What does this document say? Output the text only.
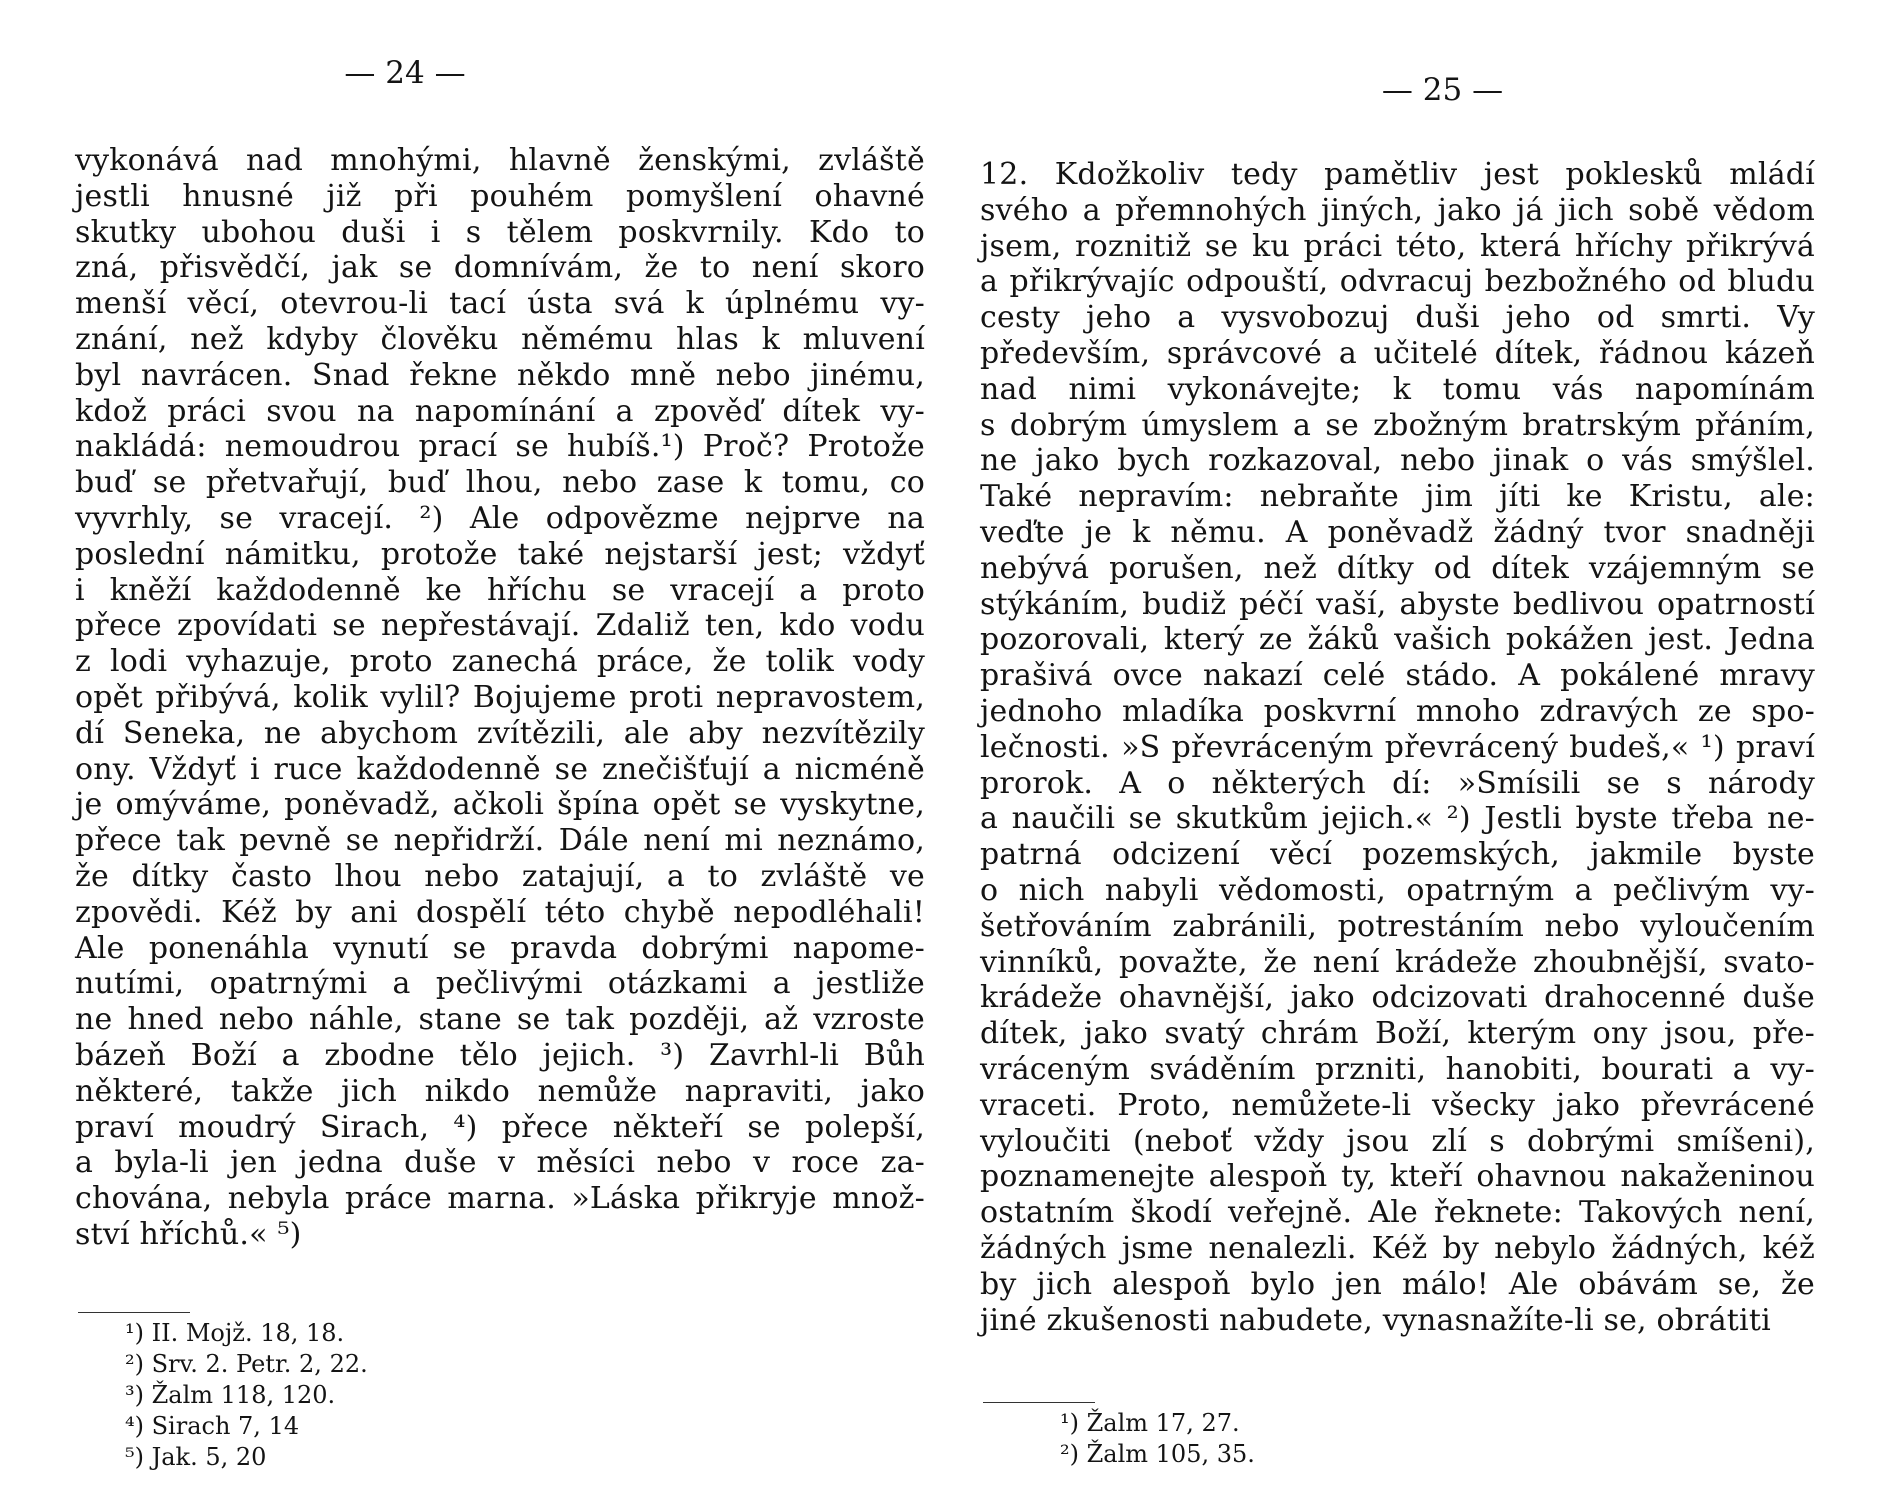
— 24 —
vykonává nad mnohými, hlavně ženskými, zvláště
jestli hnusné již při pouhém pomyšlení ohavné
skutky ubohou duši i s tělem poskvrnily. Kdo to
zná, přisvědčí, jak se domnívám, že to není skoro
menší věcí, otevrou-li tací ústa svá k úplnému vy-
znání, než kdyby člověku němému hlas k mluvení
byl navrácen. Snad řekne někdo mně nebo jinému,
kdož práci svou na napomínání a zpověď dítek vy-
nakládá: nemoudrou prací se hubíš.¹) Proč? Protože
buď se přetvařují, buď lhou, nebo zase k tomu, co
vyvrhly, se vracejí. ²) Ale odpovězme nejprve na
poslední námitku, protože také nejstarší jest; vždyť
i kněží každodenně ke hříchu se vracejí a proto
přece zpovídati se nepřestávají. Zdaliž ten, kdo vodu
z lodi vyhazuje, proto zanechá práce, že tolik vody
opět přibývá, kolik vylil? Bojujeme proti nepravostem,
dí Seneka, ne abychom zvítězili, ale aby nezvítězily
ony. Vždyť i ruce každodenně se znečišťují a nicméně
je omýváme, poněvadž, ačkoli špína opět se vyskytne,
přece tak pevně se nepřidrží. Dále není mi neznámo,
že dítky často lhou nebo zatajují, a to zvláště ve
zpovědi. Kéž by ani dospělí této chybě nepodléhali!
Ale ponenáhla vynutí se pravda dobrými napome-
nutími, opatrnými a pečlivými otázkami a jestliže
ne hned nebo náhle, stane se tak později, až vzroste
bázeň Boží a zbodne tělo jejich. ³) Zavrhl-li Bůh
některé, takže jich nikdo nemůže napraviti, jako
praví moudrý Sirach, ⁴) přece někteří se polepší,
a byla-li jen jedna duše v měsíci nebo v roce za-
chována, nebyla práce marna. »Láska přikryje množ-
ství hříchů.« ⁵)
¹) II. Mojž. 18, 18.
²) Srv. 2. Petr. 2, 22.
³) Žalm 118, 120.
⁴) Sirach 7, 14
⁵) Jak. 5, 20
— 25 —
12. Kdožkoliv tedy pamětliv jest poklesků mládí
svého a přemnohých jiných, jako já jich sobě vědom
jsem, roznitiž se ku práci této, která hříchy přikrývá
a přikrývajíc odpouští, odvracuj bezbožného od bludu
cesty jeho a vysvobozuj duši jeho od smrti. Vy
především, správcové a učitelé dítek, řádnou kázeň
nad nimi vykonávejte; k tomu vás napomínám
s dobrým úmyslem a se zbožným bratrským přáním,
ne jako bych rozkazoval, nebo jinak o vás smýšlel.
Také nepravím: nebraňte jim jíti ke Kristu, ale:
veďte je k němu. A poněvadž žádný tvor snadněji
nebývá porušen, než dítky od dítek vzájemným se
stýkáním, budiž péčí vaší, abyste bedlivou opatrností
pozorovali, který ze žáků vašich pokážen jest. Jedna
prašivá ovce nakazí celé stádo. A pokálené mravy
jednoho mladíka poskvrní mnoho zdravých ze spo-
lečnosti. »S převráceným převrácený budeš,« ¹) praví
prorok. A o některých dí: »Smísili se s národy
a naučili se skutkům jejich.« ²) Jestli byste třeba ne-
patrná odcizení věcí pozemských, jakmile byste
o nich nabyli vědomosti, opatrným a pečlivým vy-
šetřováním zabránili, potrestáním nebo vyloučením
vinníků, považte, že není krádeže zhoubnější, svato-
krádeže ohavnější, jako odcizovati drahocenné duše
dítek, jako svatý chrám Boží, kterým ony jsou, pře-
vráceným sváděním przniti, hanobiti, bourati a vy-
vraceti. Proto, nemůžete-li všecky jako převrácené
vyloučiti (neboť vždy jsou zlí s dobrými smíšeni),
poznamenejte alespoň ty, kteří ohavnou nakaženinou
ostatním škodí veřejně. Ale řeknete: Takových není,
žádných jsme nenalezli. Kéž by nebylo žádných, kéž
by jich alespoň bylo jen málo! Ale obávám se, že
jiné zkušenosti nabudete, vynasnažíte-li se, obrátiti
¹) Žalm 17, 27.
²) Žalm 105, 35.
